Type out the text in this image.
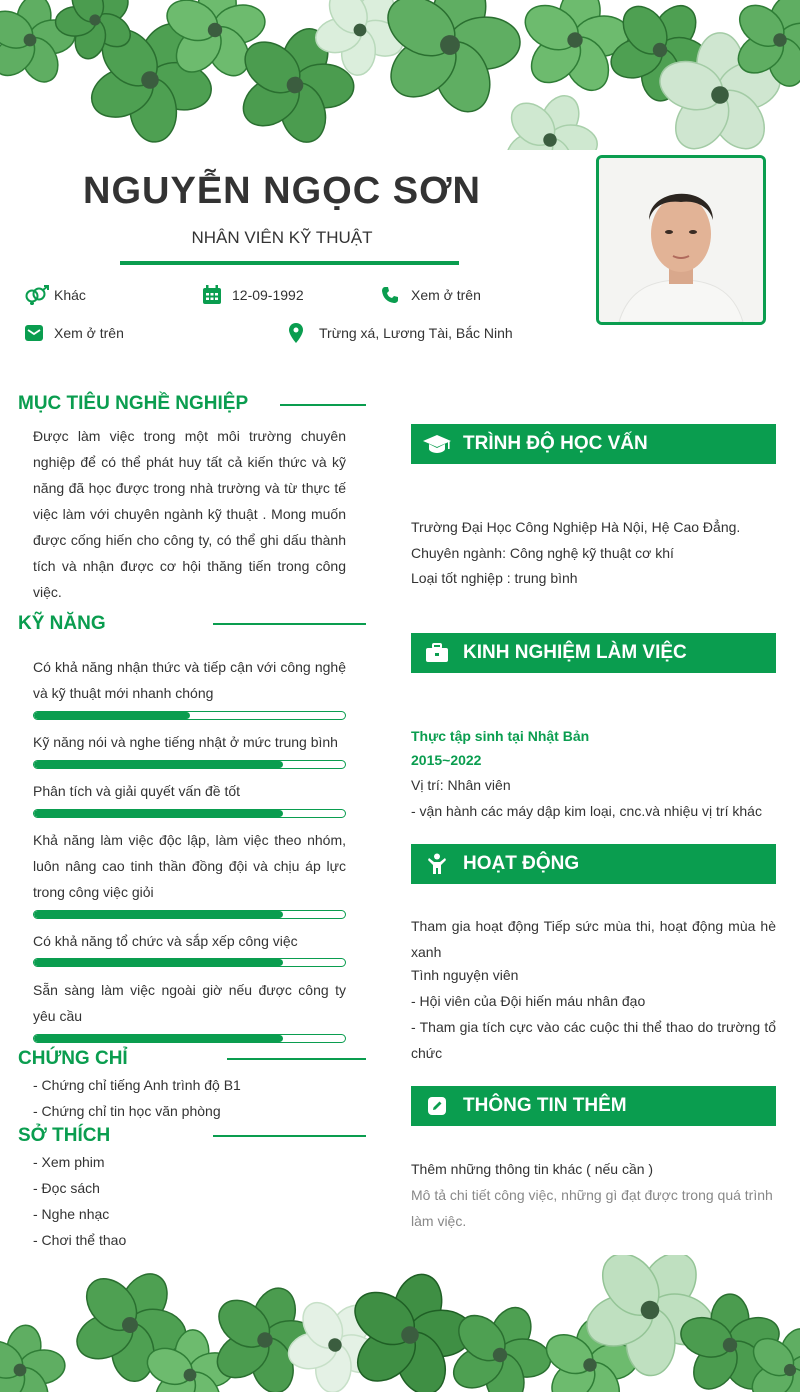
NGUYỄN NGỌC SƠN
NHÂN VIÊN KỸ THUẬT
Khác	12-09-1992	Xem ở trên
Xem ở trên	Trừng xá, Lương Tài, Bắc Ninh
MỤC TIÊU NGHỀ NGHIỆP
Được làm việc trong một môi trường chuyên nghiệp để có thể phát huy tất cả kiến thức và kỹ năng đã học được trong nhà trường và từ thực tế việc làm với chuyên ngành kỹ thuật . Mong muốn được cống hiến cho công ty, có thể ghi dấu thành tích và nhận được cơ hội thăng tiến trong công việc.
KỸ NĂNG
Có khả năng nhận thức và tiếp cận với công nghệ và kỹ thuật mới nhanh chóng
Kỹ năng nói và nghe tiếng nhật ở mức trung bình
Phân tích và giải quyết vấn đề tốt
Khả năng làm việc độc lập, làm việc theo nhóm, luôn nâng cao tinh thần đồng đội và chịu áp lực trong công việc giỏi
Có khả năng tổ chức và sắp xếp công việc
Sẵn sàng làm việc ngoài giờ nếu được công ty yêu cầu
CHỨNG CHỈ
- Chứng chỉ tiếng Anh trình độ B1
- Chứng chỉ tin học văn phòng
SỞ THÍCH
- Xem phim
- Đọc sách
- Nghe nhạc
- Chơi thể thao
TRÌNH ĐỘ HỌC VẤN
Trường Đại Học Công Nghiệp Hà Nội, Hệ Cao Đẳng.
Chuyên ngành: Công nghệ kỹ thuật cơ khí
Loại tốt nghiệp : trung bình
KINH NGHIỆM LÀM VIỆC
Thực tập sinh tại Nhật Bản
2015~2022
Vị trí: Nhân viên
- vận hành các máy dập kim loại, cnc.và nhiệu vị trí khác
HOẠT ĐỘNG
Tham gia hoạt động Tiếp sức mùa thi, hoạt động mùa hè xanh
Tình nguyện viên
- Hội viên của Đội hiến máu nhân đạo
- Tham gia tích cực vào các cuộc thi thể thao do trường tổ chức
THÔNG TIN THÊM
Thêm những thông tin khác ( nếu cần )
Mô tả chi tiết công việc, những gì đạt được trong quá trình làm việc.
